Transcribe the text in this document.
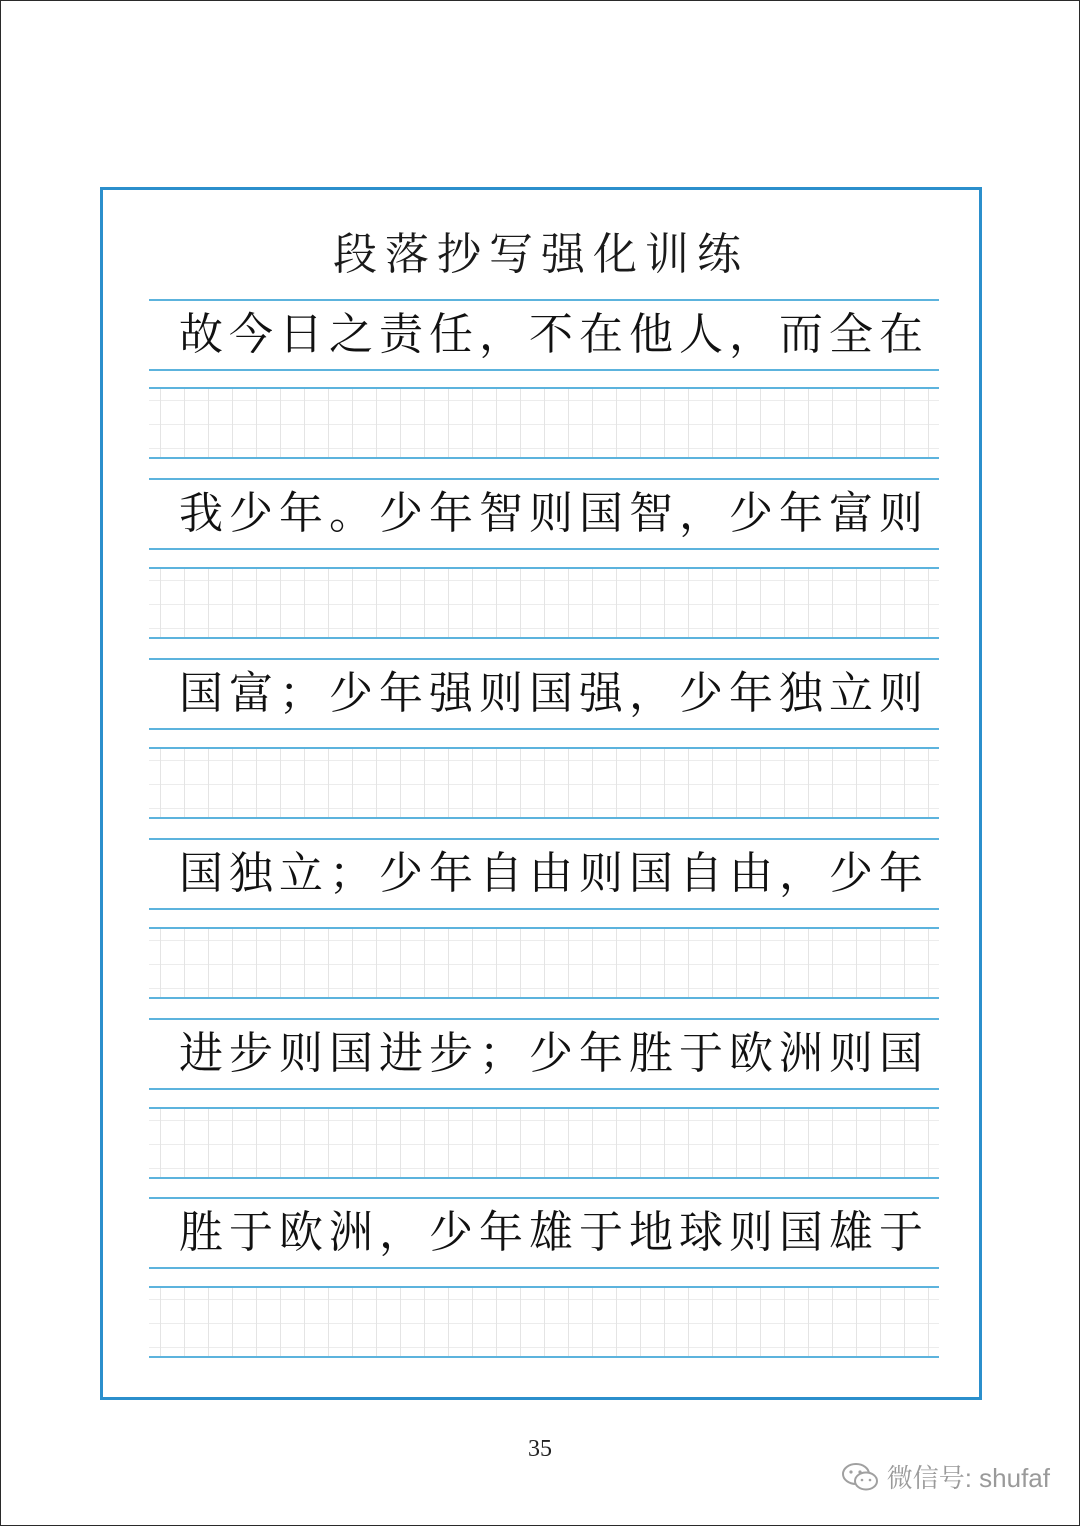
段落抄写强化训练
故今日之责任，不在他人，而全在
我少年。少年智则国智，少年富则
国富；少年强则国强，少年独立则
国独立；少年自由则国自由，少年
进步则国进步；少年胜于欧洲则国
胜于欧洲，少年雄于地球则国雄于
35
微信号: shufaf
